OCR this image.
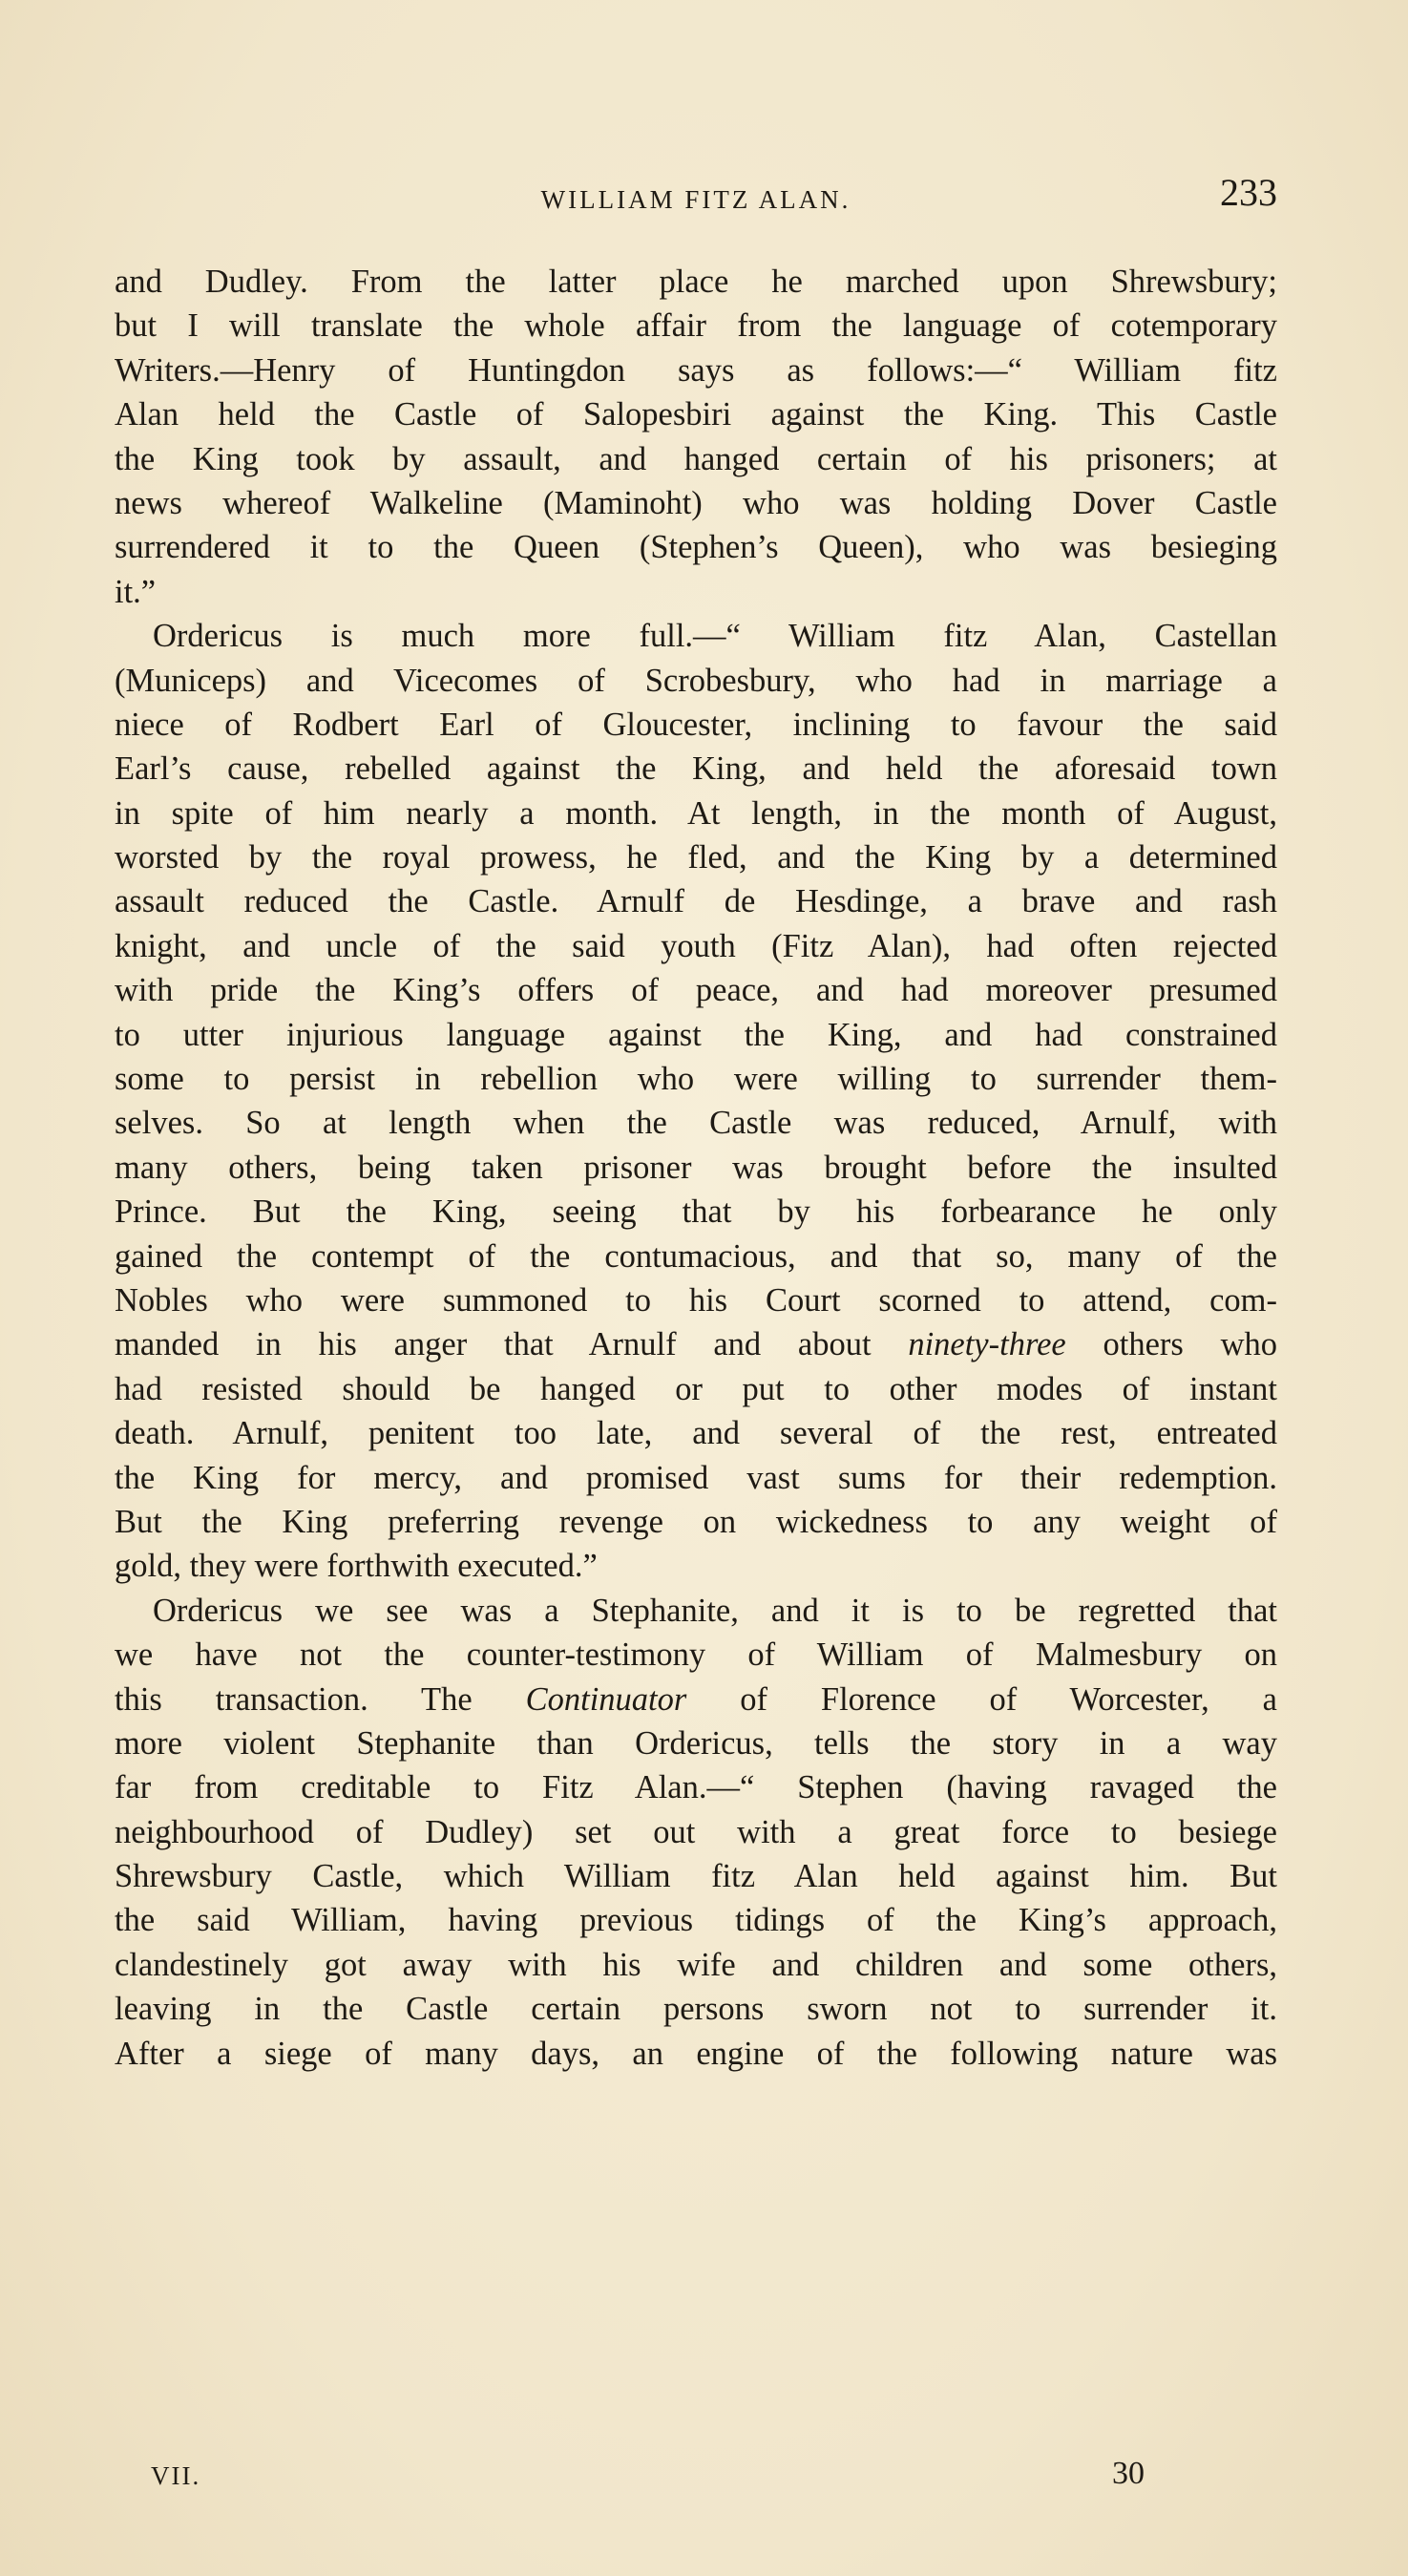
WILLIAM FITZ ALAN.	233
and Dudley. From the latter place he marched upon Shrewsbury;
but I will translate the whole affair from the language of cotemporary
Writers.—Henry of Huntingdon says as follows:—“ William fitz
Alan held the Castle of Salopesbiri against the King. This Castle
the King took by assault, and hanged certain of his prisoners; at
news whereof Walkeline (Maminoht) who was holding Dover Castle
surrendered it to the Queen (Stephen’s Queen), who was besieging
it.”
Ordericus is much more full.—“ William fitz Alan, Castellan
(Municeps) and Vicecomes of Scrobesbury, who had in marriage a
niece of Rodbert Earl of Gloucester, inclining to favour the said
Earl’s cause, rebelled against the King, and held the aforesaid town
in spite of him nearly a month. At length, in the month of August,
worsted by the royal prowess, he fled, and the King by a determined
assault reduced the Castle. Arnulf de Hesdinge, a brave and rash
knight, and uncle of the said youth (Fitz Alan), had often rejected
with pride the King’s offers of peace, and had moreover presumed
to utter injurious language against the King, and had constrained
some to persist in rebellion who were willing to surrender them-
selves. So at length when the Castle was reduced, Arnulf, with
many others, being taken prisoner was brought before the insulted
Prince. But the King, seeing that by his forbearance he only
gained the contempt of the contumacious, and that so, many of the
Nobles who were summoned to his Court scorned to attend, com-
manded in his anger that Arnulf and about ninety-three others who
had resisted should be hanged or put to other modes of instant
death. Arnulf, penitent too late, and several of the rest, entreated
the King for mercy, and promised vast sums for their redemption.
But the King preferring revenge on wickedness to any weight of
gold, they were forthwith executed.”
Ordericus we see was a Stephanite, and it is to be regretted that
we have not the counter-testimony of William of Malmesbury on
this transaction. The Continuator of Florence of Worcester, a
more violent Stephanite than Ordericus, tells the story in a way
far from creditable to Fitz Alan.—“ Stephen (having ravaged the
neighbourhood of Dudley) set out with a great force to besiege
Shrewsbury Castle, which William fitz Alan held against him. But
the said William, having previous tidings of the King’s approach,
clandestinely got away with his wife and children and some others,
leaving in the Castle certain persons sworn not to surrender it.
After a siege of many days, an engine of the following nature was
VII.	30
